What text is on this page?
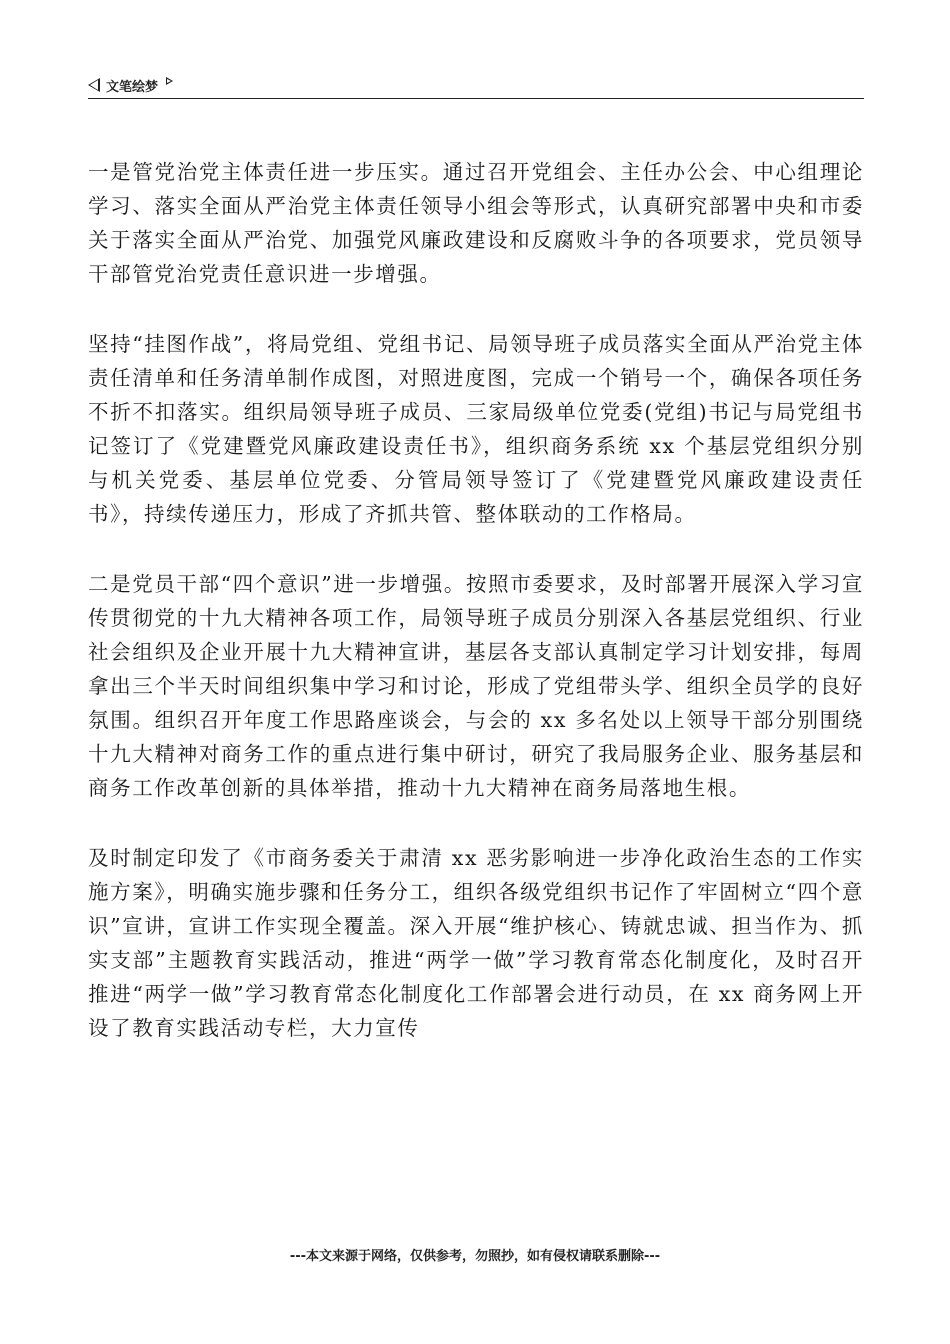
文笔绘梦

一是管党治党主体责任进一步压实。通过召开党组会、主任办公会、中心组理论学习、落实全面从严治党主体责任领导小组会等形式，认真研究部署中央和市委关于落实全面从严治党、加强党风廉政建设和反腐败斗争的各项要求，党员领导干部管党治党责任意识进一步增强。

坚持“挂图作战”，将局党组、党组书记、局领导班子成员落实全面从严治党主体责任清单和任务清单制作成图，对照进度图，完成一个销号一个，确保各项任务不折不扣落实。组织局领导班子成员、三家局级单位党委(党组)书记与局党组书记签订了《党建暨党风廉政建设责任书》，组织商务系统 xx 个基层党组织分别与机关党委、基层单位党委、分管局领导签订了《党建暨党风廉政建设责任书》，持续传递压力，形成了齐抓共管、整体联动的工作格局。

二是党员干部“四个意识”进一步增强。按照市委要求，及时部署开展深入学习宣传贯彻党的十九大精神各项工作，局领导班子成员分别深入各基层党组织、行业社会组织及企业开展十九大精神宣讲，基层各支部认真制定学习计划安排，每周拿出三个半天时间组织集中学习和讨论，形成了党组带头学、组织全员学的良好氛围。组织召开年度工作思路座谈会，与会的 xx 多名处以上领导干部分别围绕十九大精神对商务工作的重点进行集中研讨，研究了我局服务企业、服务基层和商务工作改革创新的具体举措，推动十九大精神在商务局落地生根。

及时制定印发了《市商务委关于肃清 xx 恶劣影响进一步净化政治生态的工作实施方案》，明确实施步骤和任务分工，组织各级党组织书记作了牢固树立“四个意识”宣讲，宣讲工作实现全覆盖。深入开展“维护核心、铸就忠诚、担当作为、抓实支部”主题教育实践活动，推进“两学一做”学习教育常态化制度化，及时召开推进“两学一做”学习教育常态化制度化工作部署会进行动员，在 xx 商务网上开设了教育实践活动专栏，大力宣传

---本文来源于网络，仅供参考，勿照抄，如有侵权请联系删除---
